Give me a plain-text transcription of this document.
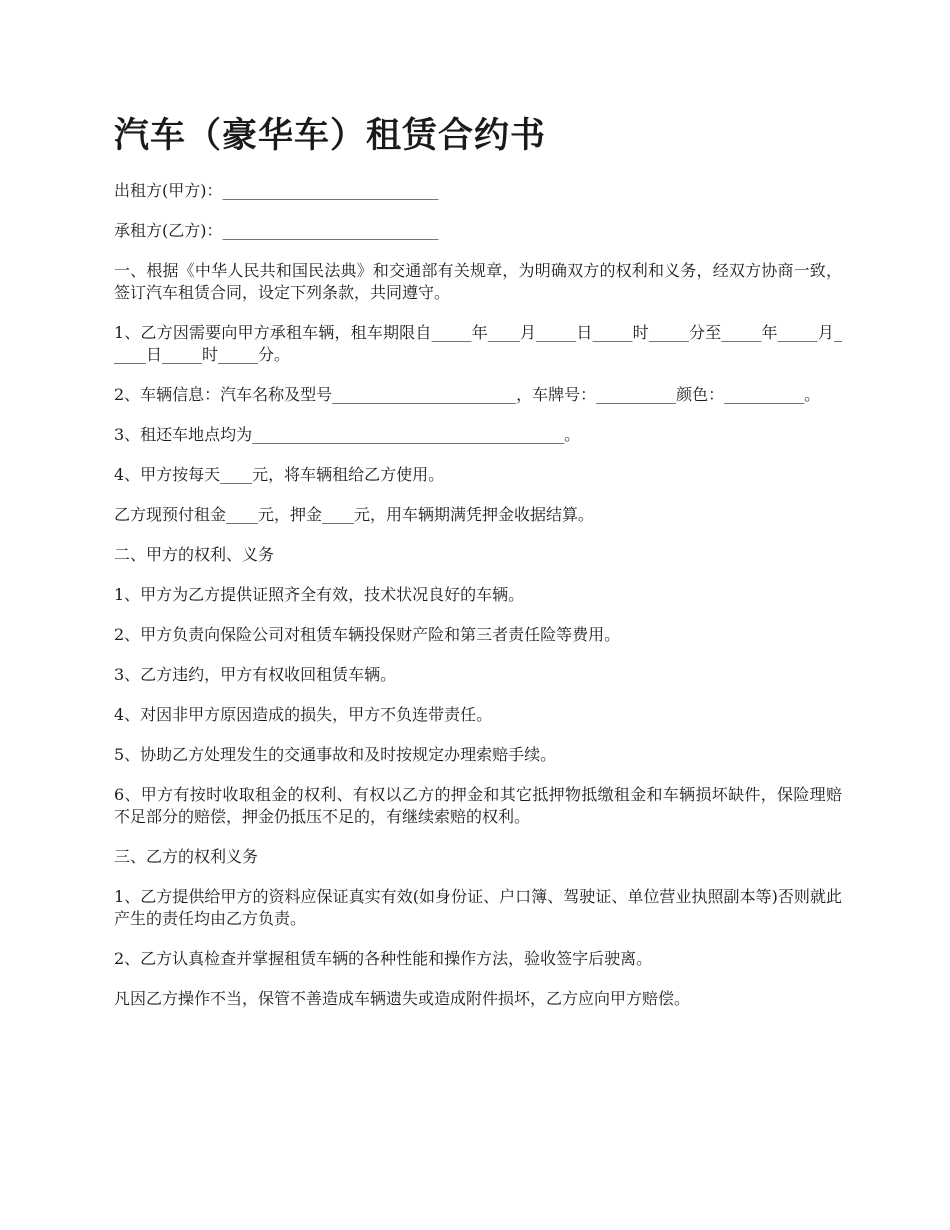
汽车（豪华车）租赁合约书

出租方(甲方)：___________________________

承租方(乙方)：___________________________

一、根据《中华人民共和国民法典》和交通部有关规章，为明确双方的权利和义务，经双方协商一致，签订汽车租赁合同，设定下列条款，共同遵守。

1、乙方因需要向甲方承租车辆，租车期限自_____年____月_____日_____时_____分至_____年_____月_____日_____时_____分。

2、车辆信息：汽车名称及型号_______________________，车牌号：__________颜色：__________。

3、租还车地点均为_______________________________________。

4、甲方按每天____元，将车辆租给乙方使用。

乙方现预付租金____元，押金____元，用车辆期满凭押金收据结算。

二、甲方的权利、义务

1、甲方为乙方提供证照齐全有效，技术状况良好的车辆。

2、甲方负责向保险公司对租赁车辆投保财产险和第三者责任险等费用。

3、乙方违约，甲方有权收回租赁车辆。

4、对因非甲方原因造成的损失，甲方不负连带责任。

5、协助乙方处理发生的交通事故和及时按规定办理索赔手续。

6、甲方有按时收取租金的权利、有权以乙方的押金和其它抵押物抵缴租金和车辆损坏缺件，保险理赔不足部分的赔偿，押金仍抵压不足的，有继续索赔的权利。

三、乙方的权利义务

1、乙方提供给甲方的资料应保证真实有效(如身份证、户口簿、驾驶证、单位营业执照副本等)否则就此产生的责任均由乙方负责。

2、乙方认真检查并掌握租赁车辆的各种性能和操作方法，验收签字后驶离。

凡因乙方操作不当，保管不善造成车辆遗失或造成附件损坏，乙方应向甲方赔偿。
